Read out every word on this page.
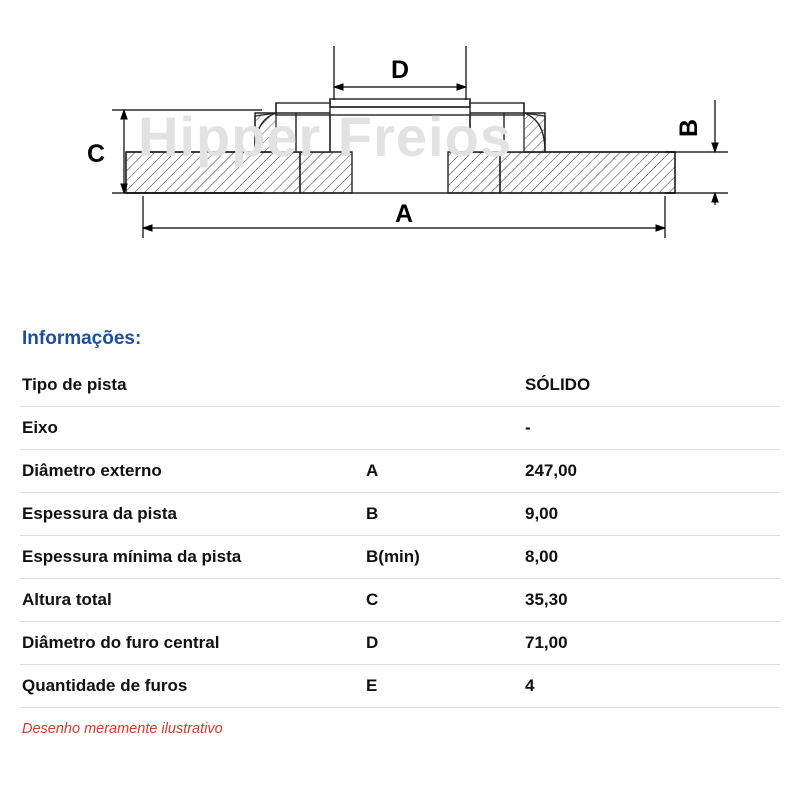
Hipper Freios
D
C
B
A
Informações:
Tipo de pista		SÓLIDO
Eixo		-
Diâmetro externo	A	247,00
Espessura da pista	B	9,00
Espessura mínima da pista	B(min)	8,00
Altura total	C	35,30
Diâmetro do furo central	D	71,00
Quantidade de furos	E	4
Desenho meramente ilustrativo
